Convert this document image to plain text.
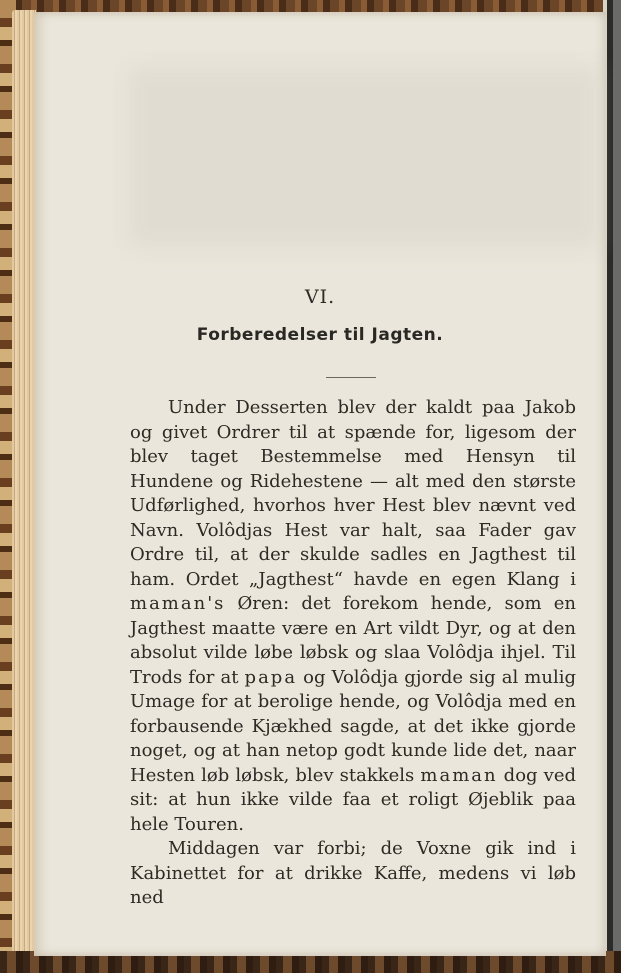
VI.
Forberedelser til Jagten.

Under Desserten blev der kaldt paa Jakob og givet Ordrer til at spænde for, ligesom der blev taget Bestemmelse med Hensyn til Hundene og Ridehestene — alt med den største Udførlighed, hvorhos hver Hest blev nævnt ved Navn. Volôdjas Hest var halt, saa Fader gav Ordre til, at der skulde sadles en Jagthest til ham. Ordet „Jagthest“ havde en egen Klang i maman's Øren: det forekom hende, som en Jagthest maatte være en Art vildt Dyr, og at den absolut vilde løbe løbsk og slaa Volôdja ihjel. Til Trods for at papa og Volôdja gjorde sig al mulig Umage for at berolige hende, og Volôdja med en forbausende Kjækhed sagde, at det ikke gjorde noget, og at han netop godt kunde lide det, naar Hesten løb løbsk, blev stakkels maman dog ved sit: at hun ikke vilde faa et roligt Øjeblik paa hele Touren.

Middagen var forbi; de Voxne gik ind i Kabinettet for at drikke Kaffe, medens vi løb ned
